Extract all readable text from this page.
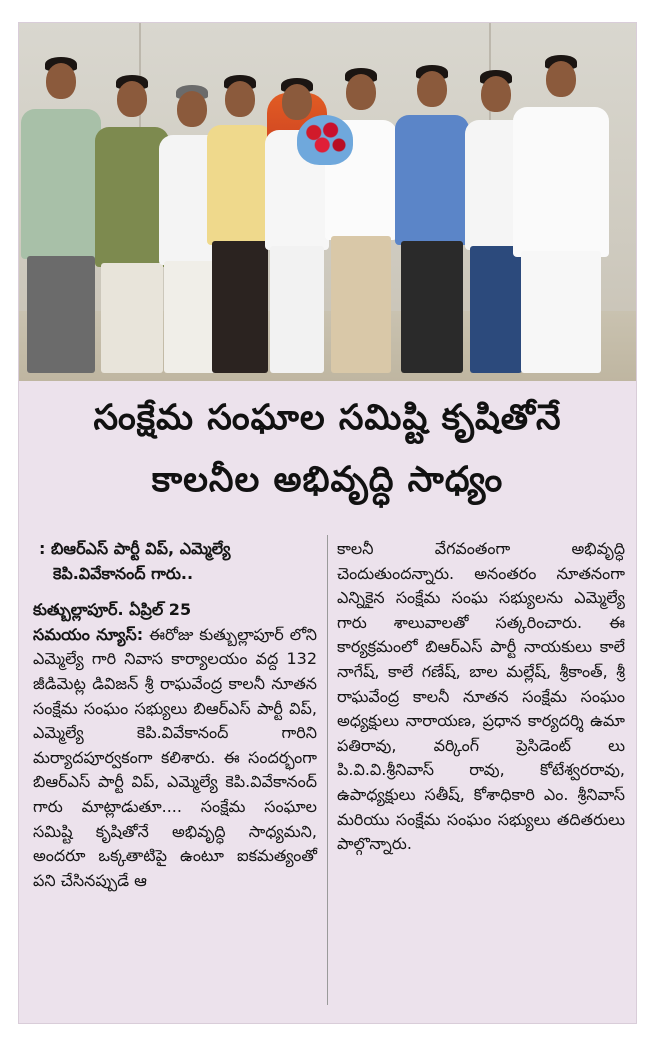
సంక్షేమ సంఘాల సమిష్టి కృషితోనే
కాలనీల అభివృద్ధి సాధ్యం
: బిఆర్ఎస్ పార్టీ విప్, ఎమ్మెల్యే
కెపి.వివేకానంద్ గారు..
కుత్బుల్లాపూర్. ఏప్రిల్ 25
సమయం న్యూస్: ఈరోజు కుత్బుల్లాపూర్ లోని ఎమ్మెల్యే గారి నివాస కార్యాలయం వద్ద 132 జీడిమెట్ల డివిజన్ శ్రీ రాఘవేంద్ర కాలనీ నూతన సంక్షేమ సంఘం సభ్యులు బిఆర్ఎస్ పార్టీ విప్, ఎమ్మెల్యే కెపి.వివేకానంద్ గారిని మర్యాదపూర్వకంగా కలిశారు. ఈ సందర్భంగా బిఆర్ఎస్ పార్టీ విప్, ఎమ్మెల్యే కెపి.వివేకానంద్ గారు మాట్లాడుతూ.... సంక్షేమ సంఘాల సమిష్టి కృషితోనే అభివృద్ధి సాధ్యమని, అందరూ ఒక్కతాటిపై ఉంటూ ఐకమత్యంతో పని చేసినప్పుడే ఆ
కాలనీ వేగవంతంగా అభివృద్ధి చెందుతుందన్నారు. అనంతరం నూతనంగా ఎన్నికైన సంక్షేమ సంఘ సభ్యులను ఎమ్మెల్యే గారు శాలువాలతో సత్కరించారు. ఈ కార్యక్రమంలో బిఆర్ఎస్ పార్టీ నాయకులు కాలే నాగేష్, కాలే గణేష్, బాల మల్లేష్, శ్రీకాంత్, శ్రీ రాఘవేంద్ర కాలనీ నూతన సంక్షేమ సంఘం అధ్యక్షులు నారాయణ, ప్రధాన కార్యదర్శి ఉమా పతిరావు, వర్కింగ్ ప్రెసిడెంట్ లు పి.వి.వి.శ్రీనివాస్ రావు, కోటేశ్వరరావు, ఉపాధ్యక్షులు సతీష్, కోశాధికారి ఎం. శ్రీనివాస్ మరియు సంక్షేమ సంఘం సభ్యులు తదితరులు పాల్గొన్నారు.
